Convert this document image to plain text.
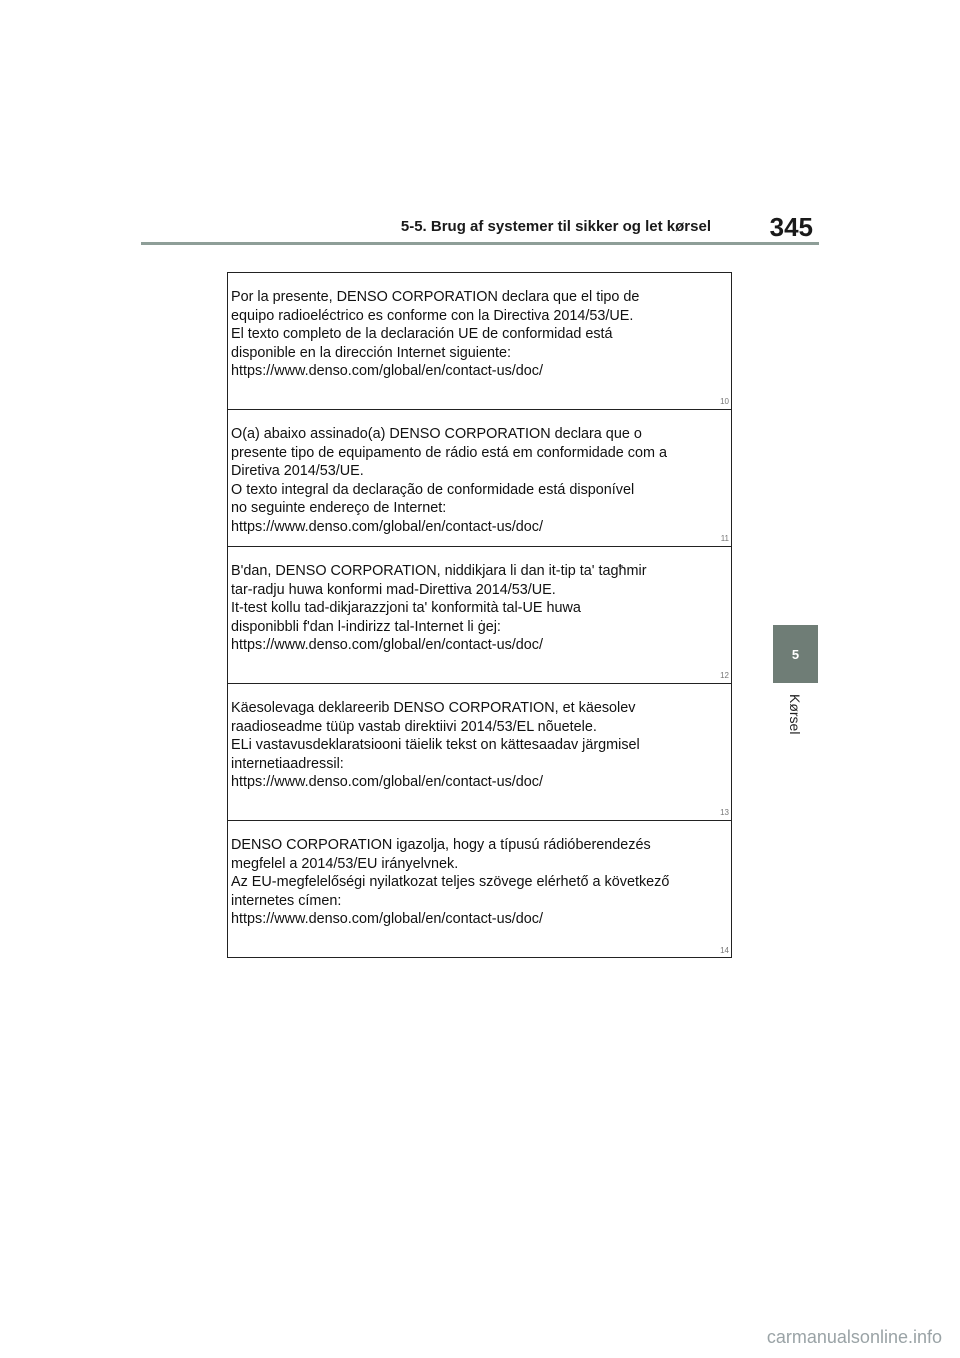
5-5. Brug af systemer til sikker og let kørsel 345
5
Kørsel
Por la presente, DENSO CORPORATION declara que el tipo de
equipo radioeléctrico es conforme con la Directiva 2014/53/UE.
El texto completo de la declaración UE de conformidad está
disponible en la dirección Internet siguiente:
https://www.denso.com/global/en/contact-us/doc/
10
O(a) abaixo assinado(a) DENSO CORPORATION declara que o
presente tipo de equipamento de rádio está em conformidade com a
Diretiva 2014/53/UE.
O texto integral da declaração de conformidade está disponível
no seguinte endereço de Internet:
https://www.denso.com/global/en/contact-us/doc/
11
B'dan, DENSO CORPORATION, niddikjara li dan it-tip ta' tagħmir
tar-radju huwa konformi mad-Direttiva 2014/53/UE.
It-test kollu tad-dikjarazzjoni ta' konformità tal-UE huwa
disponibbli f'dan l-indirizz tal-Internet li ġej:
https://www.denso.com/global/en/contact-us/doc/
12
Käesolevaga deklareerib DENSO CORPORATION, et käesolev
raadioseadme tüüp vastab direktiivi 2014/53/EL nõuetele.
ELi vastavusdeklaratsiooni täielik tekst on kättesaadav järgmisel
internetiaadressil:
https://www.denso.com/global/en/contact-us/doc/
13
DENSO CORPORATION igazolja, hogy a típusú rádióberendezés
megfelel a 2014/53/EU irányelvnek.
Az EU-megfelelőségi nyilatkozat teljes szövege elérhető a következő
internetes címen:
https://www.denso.com/global/en/contact-us/doc/
14
carmanualsonline.info
